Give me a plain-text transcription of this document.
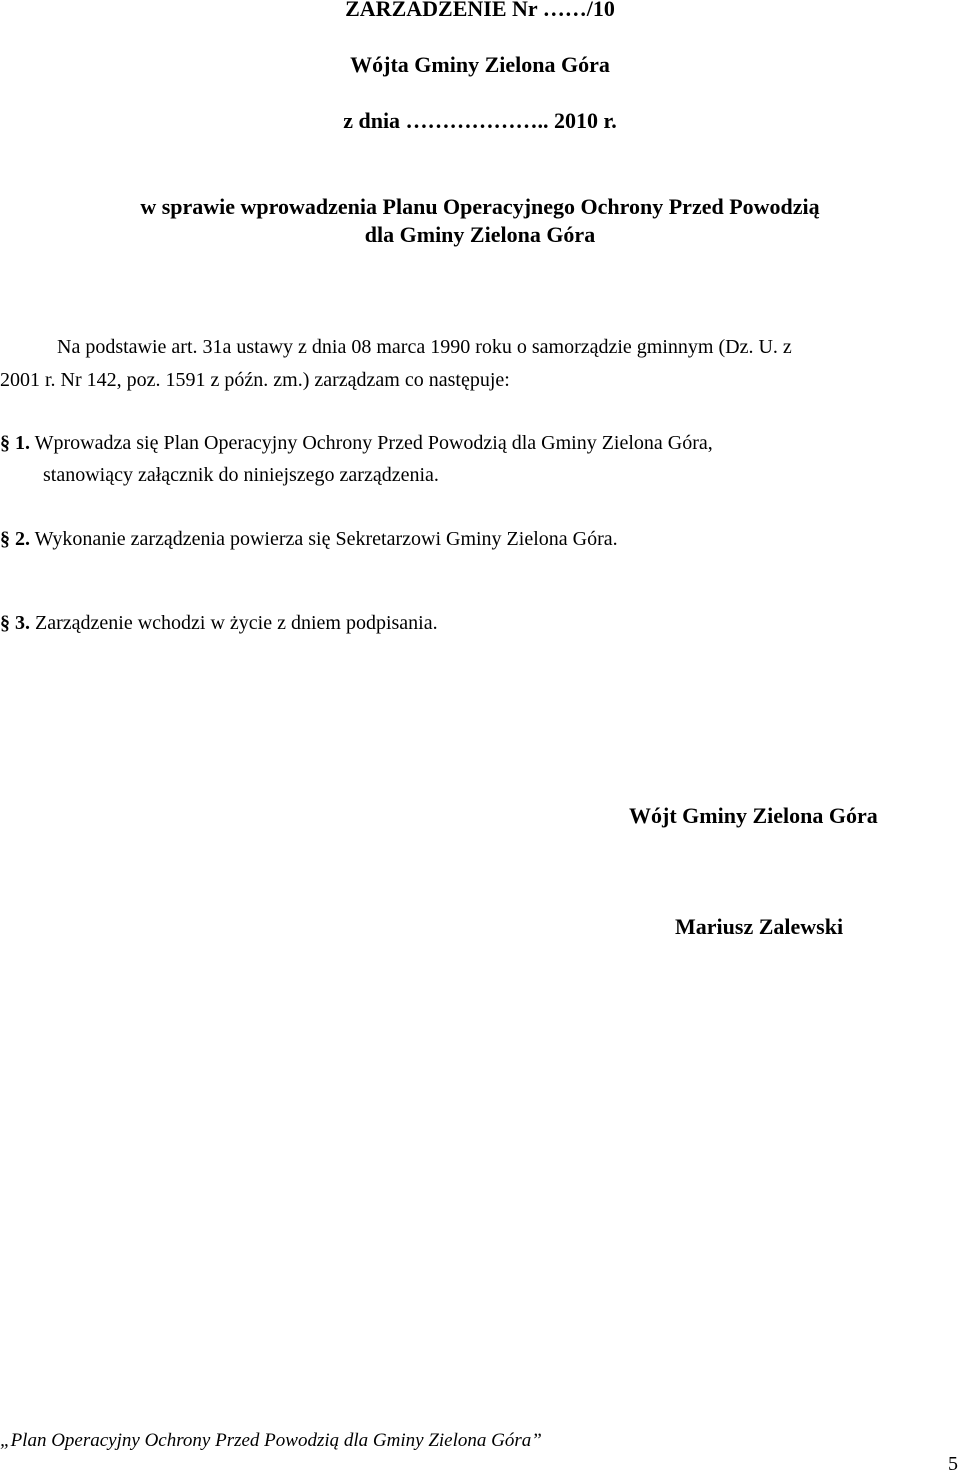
ZARZADZENIE Nr ……/10
Wójta Gminy Zielona Góra
z dnia ……………….. 2010 r.
w sprawie wprowadzenia Planu Operacyjnego Ochrony Przed Powodzią
dla Gminy Zielona Góra
Na podstawie art. 31a ustawy z dnia 08 marca 1990 roku o samorządzie gminnym (Dz. U. z
2001 r. Nr 142, poz. 1591 z późn. zm.) zarządzam co następuje:
§ 1. Wprowadza się Plan Operacyjny Ochrony Przed Powodzią dla Gminy Zielona Góra,
stanowiący załącznik do niniejszego zarządzenia.
§ 2. Wykonanie zarządzenia powierza się Sekretarzowi Gminy Zielona Góra.
§ 3. Zarządzenie wchodzi w życie z dniem podpisania.
Wójt Gminy Zielona Góra
Mariusz Zalewski
„Plan Operacyjny Ochrony Przed Powodzią dla Gminy Zielona Góra”
5
